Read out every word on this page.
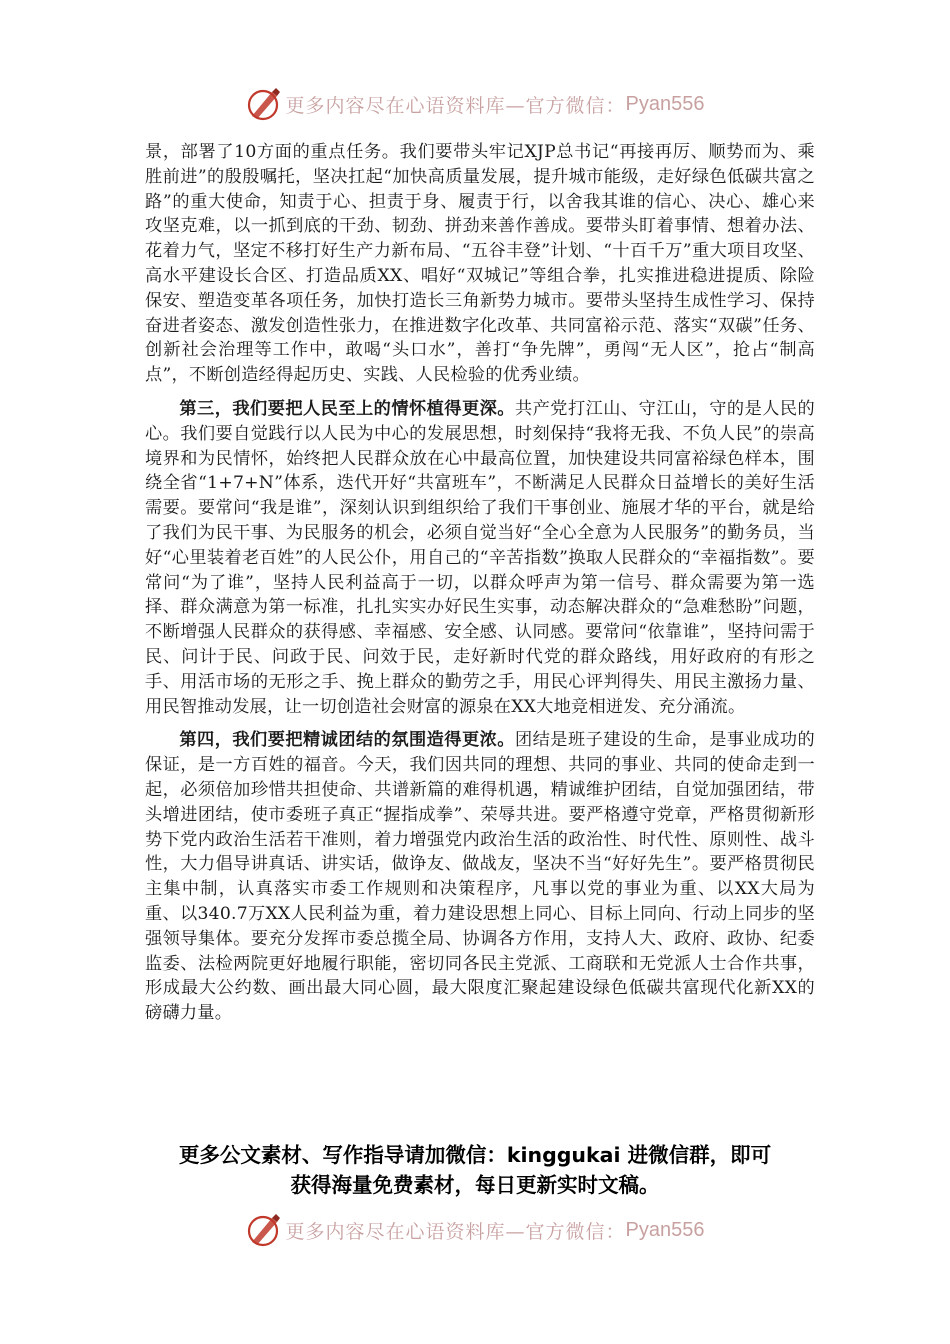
更多内容尽在心语资料库—官方微信： Pyan556

景，部署了10方面的重点任务。我们要带头牢记XJP总书记“再接再厉、顺势而为、乘胜前进”的殷殷嘱托，坚决扛起“加快高质量发展，提升城市能级，走好绿色低碳共富之路”的重大使命，知责于心、担责于身、履责于行，以舍我其谁的信心、决心、雄心来攻坚克难，以一抓到底的干劲、韧劲、拼劲来善作善成。要带头盯着事情、想着办法、花着力气，坚定不移打好生产力新布局、“五谷丰登”计划、“十百千万”重大项目攻坚、高水平建设长合区、打造品质XX、唱好“双城记”等组合拳，扎实推进稳进提质、除险保安、塑造变革各项任务，加快打造长三角新势力城市。要带头坚持生成性学习、保持奋进者姿态、激发创造性张力，在推进数字化改革、共同富裕示范、落实“双碳”任务、创新社会治理等工作中，敢喝“头口水”，善打“争先牌”，勇闯“无人区”，抢占“制高点”，不断创造经得起历史、实践、人民检验的优秀业绩。

第三，我们要把人民至上的情怀植得更深。共产党打江山、守江山，守的是人民的心。我们要自觉践行以人民为中心的发展思想，时刻保持“我将无我、不负人民”的崇高境界和为民情怀，始终把人民群众放在心中最高位置，加快建设共同富裕绿色样本，围绕全省“1+7+N”体系，迭代开好“共富班车”，不断满足人民群众日益增长的美好生活需要。要常问“我是谁”，深刻认识到组织给了我们干事创业、施展才华的平台，就是给了我们为民干事、为民服务的机会，必须自觉当好“全心全意为人民服务”的勤务员，当好“心里装着老百姓”的人民公仆，用自己的“辛苦指数”换取人民群众的“幸福指数”。要常问“为了谁”，坚持人民利益高于一切，以群众呼声为第一信号、群众需要为第一选择、群众满意为第一标准，扎扎实实办好民生实事，动态解决群众的“急难愁盼”问题，不断增强人民群众的获得感、幸福感、安全感、认同感。要常问“依靠谁”，坚持问需于民、问计于民、问政于民、问效于民，走好新时代党的群众路线，用好政府的有形之手、用活市场的无形之手、挽上群众的勤劳之手，用民心评判得失、用民主激扬力量、用民智推动发展，让一切创造社会财富的源泉在XX大地竞相迸发、充分涌流。

第四，我们要把精诚团结的氛围造得更浓。团结是班子建设的生命，是事业成功的保证，是一方百姓的福音。今天，我们因共同的理想、共同的事业、共同的使命走到一起，必须倍加珍惜共担使命、共谱新篇的难得机遇，精诚维护团结，自觉加强团结，带头增进团结，使市委班子真正“握指成拳”、荣辱共进。要严格遵守党章，严格贯彻新形势下党内政治生活若干准则，着力增强党内政治生活的政治性、时代性、原则性、战斗性，大力倡导讲真话、讲实话，做诤友、做战友，坚决不当“好好先生”。要严格贯彻民主集中制，认真落实市委工作规则和决策程序，凡事以党的事业为重、以XX大局为重、以340.7万XX人民利益为重，着力建设思想上同心、目标上同向、行动上同步的坚强领导集体。要充分发挥市委总揽全局、协调各方作用，支持人大、政府、政协、纪委监委、法检两院更好地履行职能，密切同各民主党派、工商联和无党派人士合作共事，形成最大公约数、画出最大同心圆，最大限度汇聚起建设绿色低碳共富现代化新XX的磅礴力量。

更多公文素材、写作指导请加微信：kinggukai 进微信群，即可
获得海量免费素材，每日更新实时文稿。
更多内容尽在心语资料库—官方微信： Pyan556
